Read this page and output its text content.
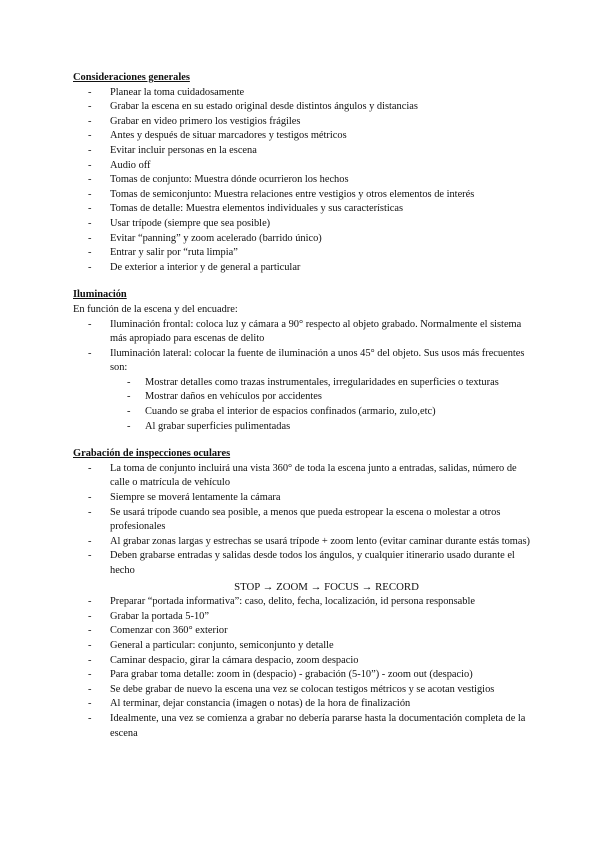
Consideraciones generales
- Planear la toma cuidadosamente
- Grabar la escena en su estado original desde distintos ángulos y distancias
- Grabar en video primero los vestigios frágiles
- Antes y después de situar marcadores y testigos métricos
- Evitar incluir personas en la escena
- Audio off
- Tomas de conjunto: Muestra dónde ocurrieron los hechos
- Tomas de semiconjunto: Muestra relaciones entre vestigios y otros elementos de interés
- Tomas de detalle: Muestra elementos individuales y sus características
- Usar trípode (siempre que sea posible)
- Evitar “panning” y zoom acelerado (barrido único)
- Entrar y salir por “ruta limpia”
- De exterior a interior y de general a particular
Iluminación
En función de la escena y del encuadre:
- Iluminación frontal: coloca luz y cámara a 90° respecto al objeto grabado. Normalmente el sistema más apropiado para escenas de delito
- Iluminación lateral: colocar la fuente de iluminación a unos 45° del objeto. Sus usos más frecuentes son:
- Mostrar detalles como trazas instrumentales, irregularidades en superficies o texturas
- Mostrar daños en vehículos por accidentes
- Cuando se graba el interior de espacios confinados (armario, zulo,etc)
- Al grabar superficies pulimentadas
Grabación de inspecciones oculares
- La toma de conjunto incluirá una vista 360° de toda la escena junto a entradas, salidas, número de calle o matrícula de vehículo
- Siempre se moverá lentamente la cámara
- Se usará trípode cuando sea posible, a menos que pueda estropear la escena o molestar a otros profesionales
- Al grabar zonas largas y estrechas se usará trípode + zoom lento (evitar caminar durante estás tomas)
- Deben grabarse entradas y salidas desde todos los ángulos, y cualquier itinerario usado durante el hecho
STOP → ZOOM → FOCUS → RECORD
- Preparar “portada informativa”: caso, delito, fecha, localización, id persona responsable
- Grabar la portada 5-10”
- Comenzar con 360° exterior
- General a particular: conjunto, semiconjunto y detalle
- Caminar despacio, girar la cámara despacio, zoom despacio
- Para grabar toma detalle: zoom in (despacio) - grabación (5-10”) - zoom out (despacio)
- Se debe grabar de nuevo la escena una vez se colocan testigos métricos y se acotan vestigios
- Al terminar, dejar constancia (imagen o notas) de la hora de finalización
- Idealmente, una vez se comienza a grabar no debería pararse hasta la documentación completa de la escena
